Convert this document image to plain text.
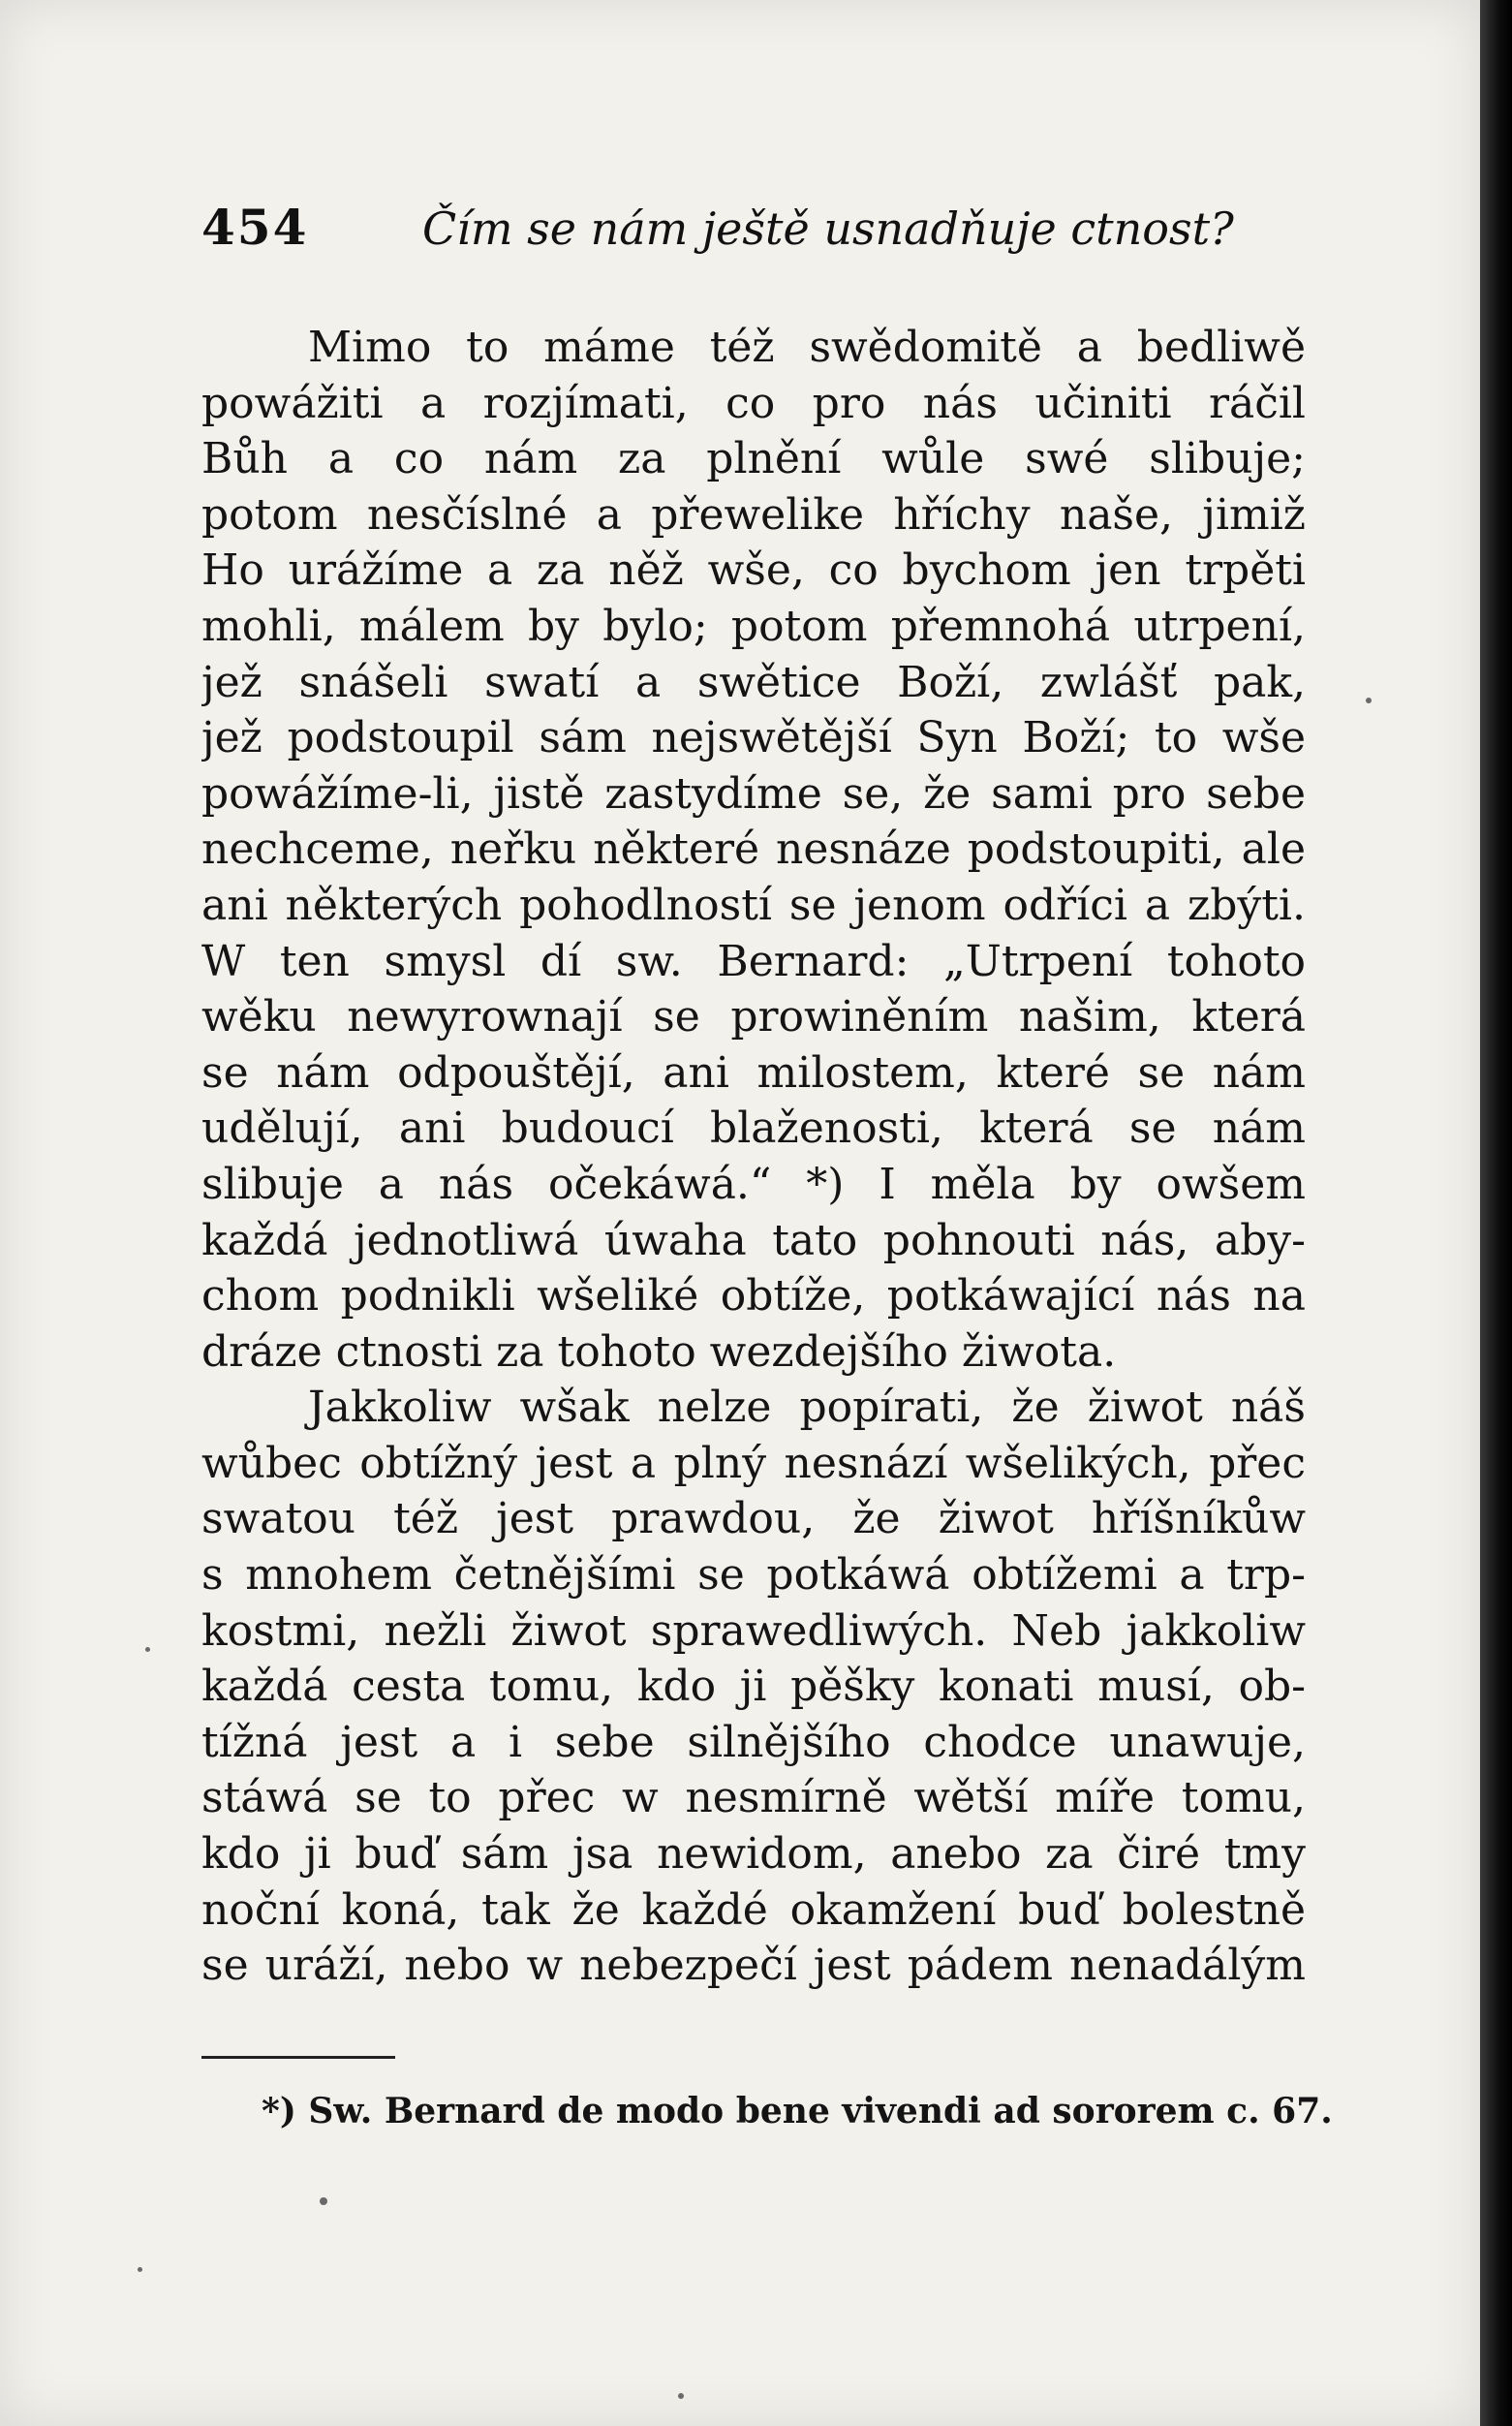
454	Čím se nám ještě usnadňuje ctnost?
Mimo to máme též swědomitě a bedliwě
powážiti a rozjímati, co pro nás učiniti ráčil
Bůh a co nám za plnění wůle swé slibuje;
potom nesčíslné a přewelike hříchy naše, jimiž
Ho urážíme a za něž wše, co bychom jen trpěti
mohli, málem by bylo; potom přemnohá utrpení,
jež snášeli swatí a swětice Boží, zwlášť pak,
jež podstoupil sám nejswětější Syn Boží; to wše
powážíme-li, jistě zastydíme se, že sami pro sebe
nechceme, neřku některé nesnáze podstoupiti, ale
ani některých pohodlností se jenom odříci a zbýti.
W ten smysl dí sw. Bernard: „Utrpení tohoto
wěku newyrownají se prowiněním našim, která
se nám odpouštějí, ani milostem, které se nám
udělují, ani budoucí blaženosti, která se nám
slibuje a nás očekáwá.“ *) I měla by owšem
každá jednotliwá úwaha tato pohnouti nás, aby-
chom podnikli wšeliké obtíže, potkáwající nás na
dráze ctnosti za tohoto wezdejšího žiwota.
Jakkoliw wšak nelze popírati, že žiwot náš
wůbec obtížný jest a plný nesnází wšelikých, přec
swatou též jest prawdou, že žiwot hříšníkůw
s mnohem četnějšími se potkáwá obtížemi a trp-
kostmi, nežli žiwot sprawedliwých. Neb jakkoliw
každá cesta tomu, kdo ji pěšky konati musí, ob-
tížná jest a i sebe silnějšího chodce unawuje,
stáwá se to přec w nesmírně wětší míře tomu,
kdo ji buď sám jsa newidom, anebo za čiré tmy
noční koná, tak že každé okamžení buď bolestně
se uráží, nebo w nebezpečí jest pádem nenadálým
*) Sw. Bernard de modo bene vivendi ad sororem c. 67.
